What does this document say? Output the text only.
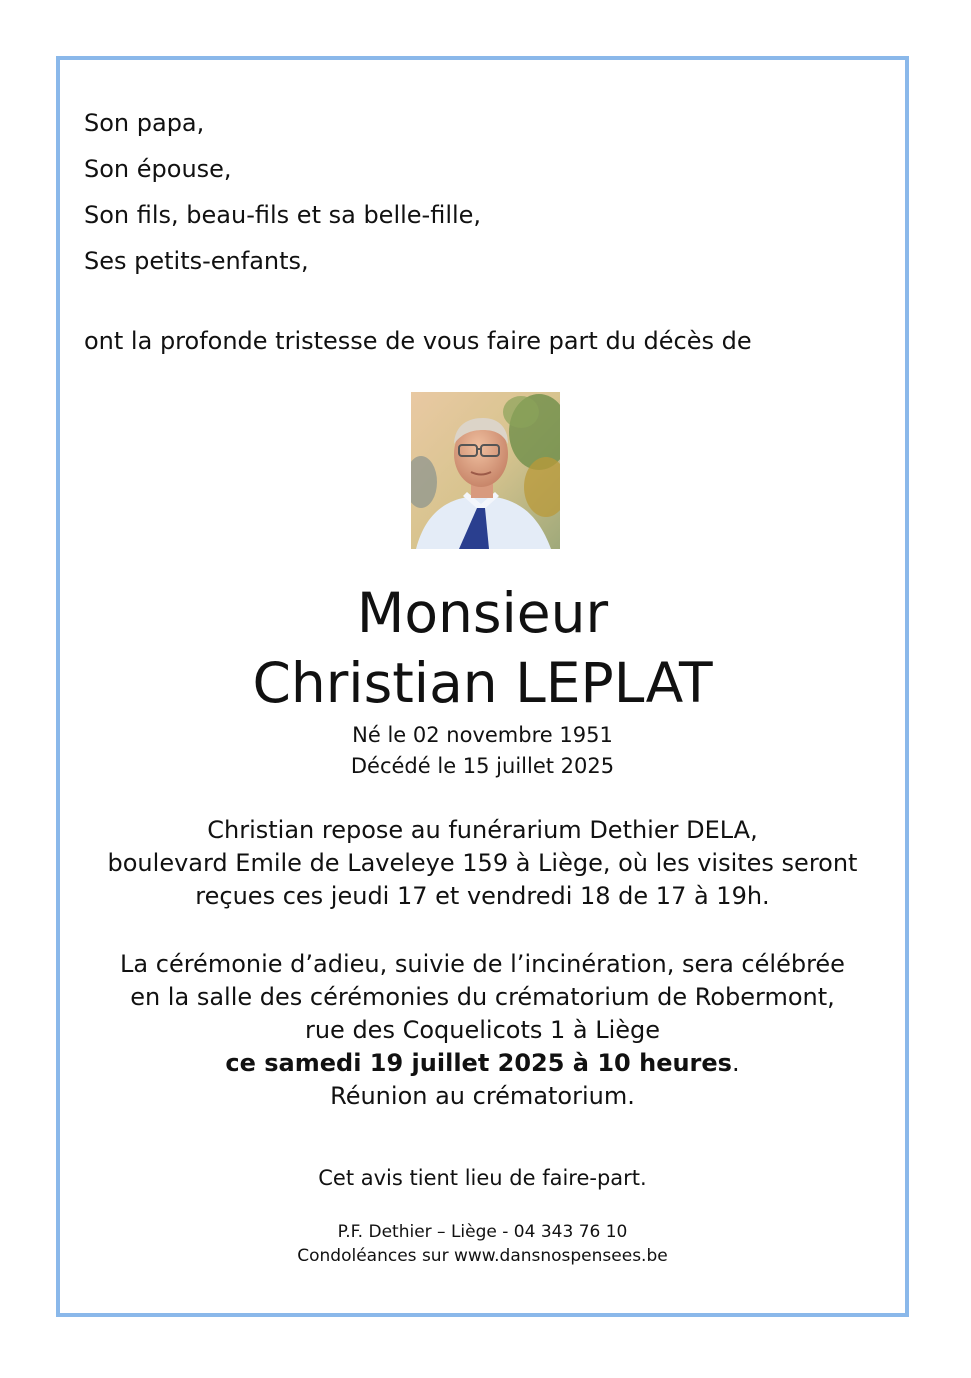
Son papa,
Son épouse,
Son fils, beau-fils et sa belle-fille,
Ses petits-enfants,
ont la profonde tristesse de vous faire part du décès de
Monsieur
Christian LEPLAT
Né le 02 novembre 1951
Décédé le 15 juillet 2025
Christian repose au funérarium Dethier DELA,
boulevard Emile de Laveleye 159 à Liège, où les visites seront
reçues ces jeudi 17 et vendredi 18 de 17 à 19h.
La cérémonie d’adieu, suivie de l’incinération, sera célébrée
en la salle des cérémonies du crématorium de Robermont,
rue des Coquelicots 1 à Liège
ce samedi 19 juillet 2025 à 10 heures.
Réunion au crématorium.
Cet avis tient lieu de faire-part.
P.F. Dethier – Liège - 04 343 76 10
Condoléances sur www.dansnospensees.be
